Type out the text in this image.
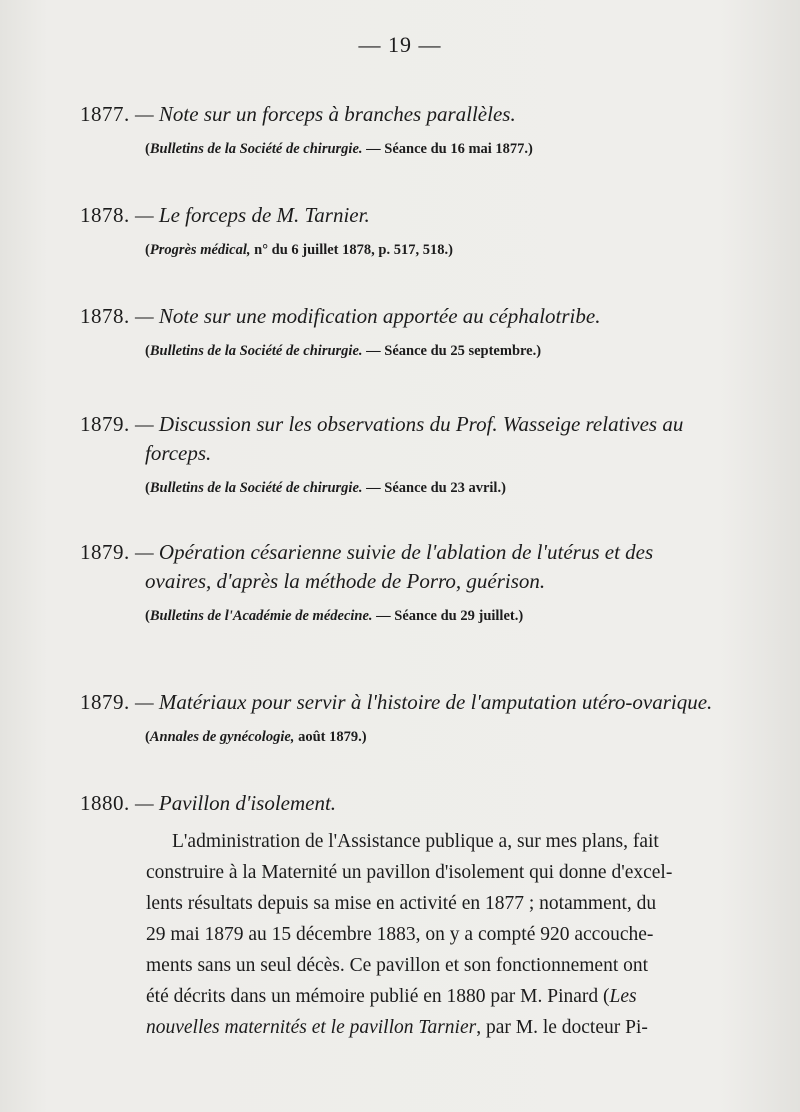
— 19 —

1877. — Note sur un forceps à branches parallèles.

(Bulletins de la Société de chirurgie. — Séance du 16 mai 1877.)

1878. — Le forceps de M. Tarnier.

(Progrès médical, n° du 6 juillet 1878, p. 517, 518.)

1878. — Note sur une modification apportée au céphalotribe.

(Bulletins de la Société de chirurgie. — Séance du 25 septembre.)

1879. — Discussion sur les observations du Prof. Wasseige relatives au

forceps.

(Bulletins de la Société de chirurgie. — Séance du 23 avril.)

1879. — Opération césarienne suivie de l'ablation de l'utérus et des

ovaires, d'après la méthode de Porro, guérison.

(Bulletins de l'Académie de médecine. — Séance du 29 juillet.)

1879. — Matériaux pour servir à l'histoire de l'amputation utéro-ovarique.

(Annales de gynécologie, août 1879.)

1880. — Pavillon d'isolement.

L'administration de l'Assistance publique a, sur mes plans, fait

construire à la Maternité un pavillon d'isolement qui donne d'excel-

lents résultats depuis sa mise en activité en 1877 ; notamment, du

29 mai 1879 au 15 décembre 1883, on y a compté 920 accouche-

ments sans un seul décès. Ce pavillon et son fonctionnement ont

été décrits dans un mémoire publié en 1880 par M. Pinard (Les

nouvelles maternités et le pavillon Tarnier, par M. le docteur Pi-
